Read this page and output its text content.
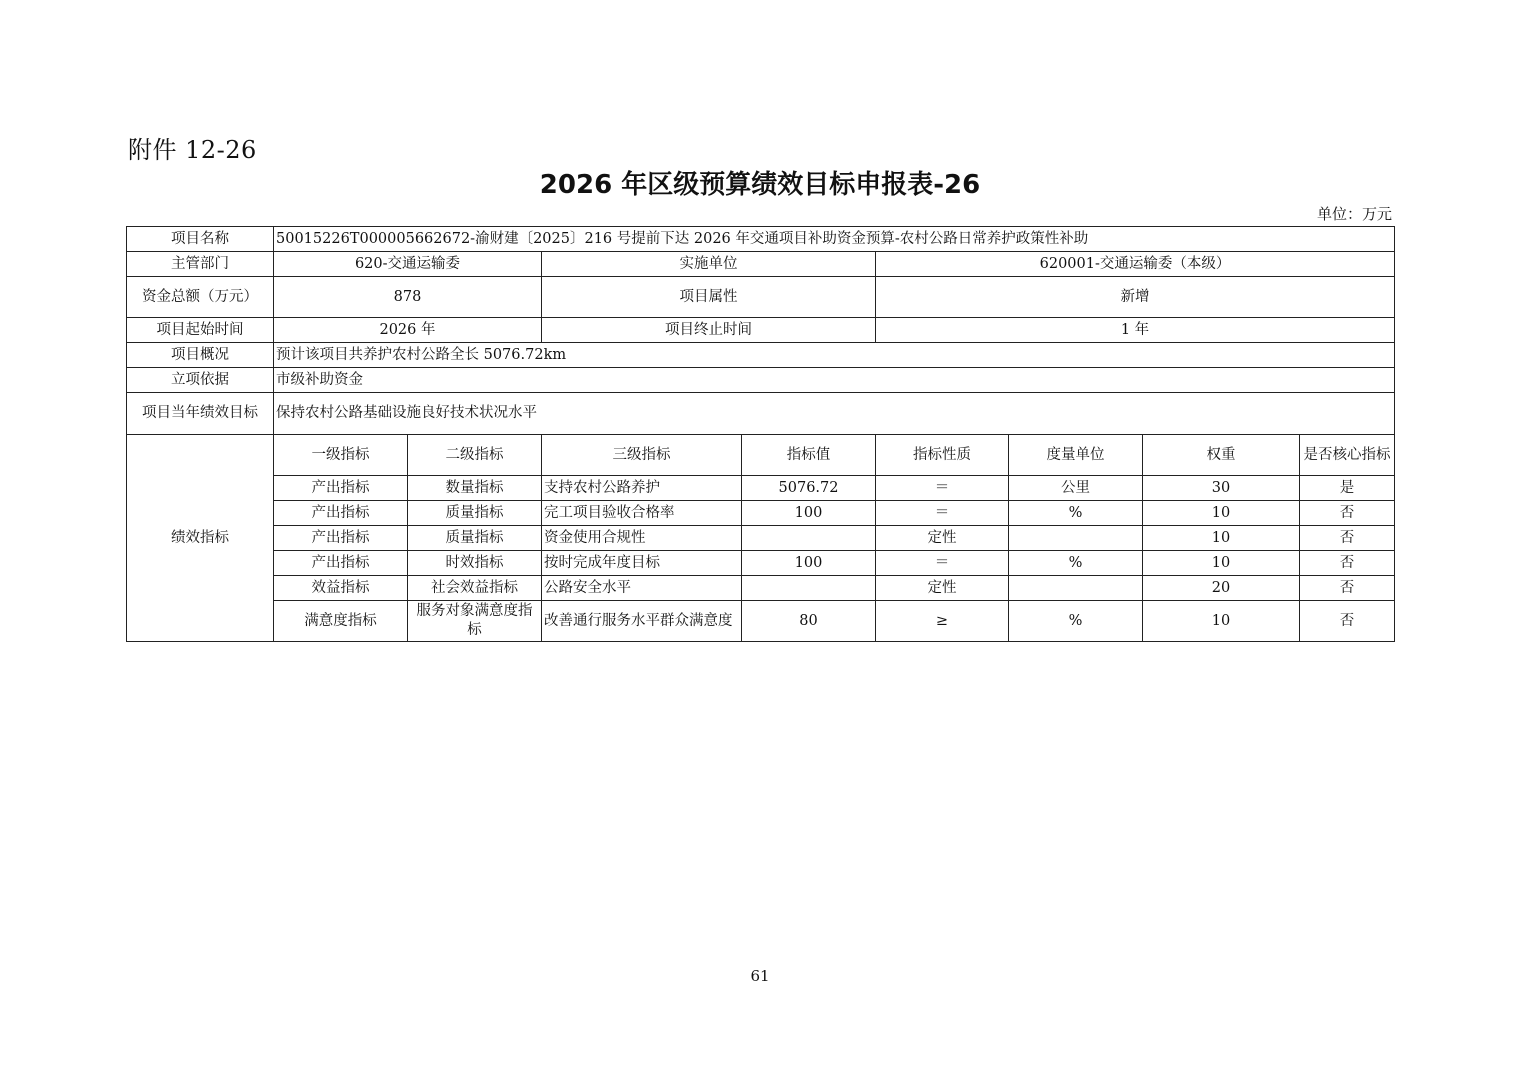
附件 12-26
2026 年区级预算绩效目标申报表-26
单位：万元
项目名称	50015226T000005662672-渝财建〔2025〕216 号提前下达 2026 年交通项目补助资金预算-农村公路日常养护政策性补助							
主管部门	620-交通运输委		实施单位		620001-交通运输委（本级）			
资金总额（万元）	878		项目属性		新增			
项目起始时间	2026 年		项目终止时间		1 年			
项目概况	预计该项目共养护农村公路全长 5076.72km							
立项依据	市级补助资金							
项目当年绩效目标	保持农村公路基础设施良好技术状况水平							
绩效指标	一级指标	二级指标	三级指标	指标值	指标性质	度量单位	权重	是否核心指标
	产出指标	数量指标	支持农村公路养护	5076.72	＝	公里	30	是
	产出指标	质量指标	完工项目验收合格率	100	＝	%	10	否
	产出指标	质量指标	资金使用合规性		定性		10	否
	产出指标	时效指标	按时完成年度目标	100	＝	%	10	否
	效益指标	社会效益指标	公路安全水平		定性		20	否
	满意度指标	服务对象满意度指标	改善通行服务水平群众满意度	80	≥	%	10	否
61
